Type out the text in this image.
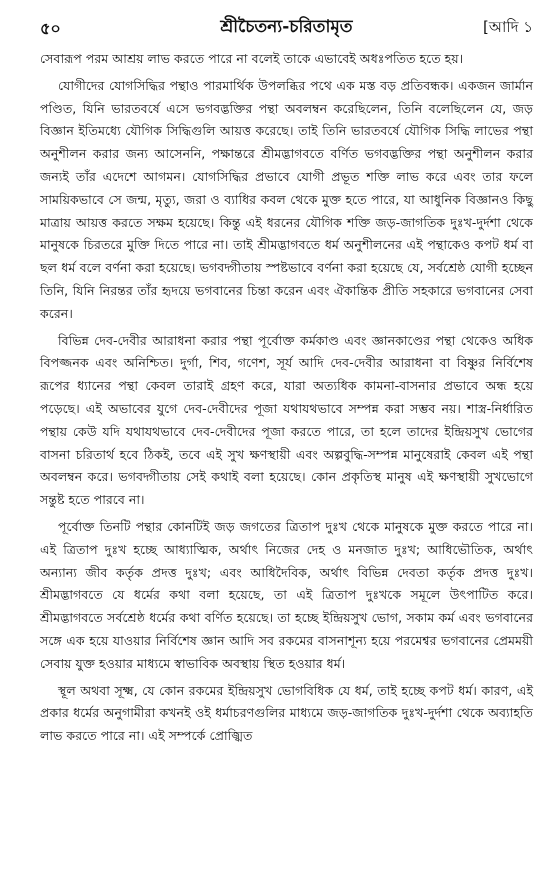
৫০	শ্রীচৈতন্য-চরিতামৃত	[আদি ১

সেবারূপ পরম আশ্রয় লাভ করতে পারে না বলেই তাকে এভাবেই অধঃপতিত হতে হয়।

যোগীদের যোগসিদ্ধির পন্থাও পারমার্থিক উপলব্ধির পথে এক মস্ত বড় প্রতিবন্ধক। একজন জার্মান পণ্ডিত, যিনি ভারতবর্ষে এসে ভগবদ্ভক্তির পন্থা অবলম্বন করেছিলেন, তিনি বলেছিলেন যে, জড় বিজ্ঞান ইতিমধ্যে যৌগিক সিদ্ধিগুলি আয়ত্ত করেছে। তাই তিনি ভারতবর্ষে যৌগিক সিদ্ধি লাভের পন্থা অনুশীলন করার জন্য আসেননি, পক্ষান্তরে শ্রীমদ্ভাগবতে বর্ণিত ভগবদ্ভক্তির পন্থা অনুশীলন করার জন্যই তাঁর এদেশে আগমন। যোগসিদ্ধির প্রভাবে যোগী প্রভূত শক্তি লাভ করে এবং তার ফলে সাময়িকভাবে সে জন্ম, মৃত্যু, জরা ও ব্যাধির কবল থেকে মুক্ত হতে পারে, যা আধুনিক বিজ্ঞানও কিছু মাত্রায় আয়ত্ত করতে সক্ষম হয়েছে। কিন্তু এই ধরনের যৌগিক শক্তি জড়-জাগতিক দুঃখ-দুর্দশা থেকে মানুষকে চিরতরে মুক্তি দিতে পারে না। তাই শ্রীমদ্ভাগবতে ধর্ম অনুশীলনের এই পন্থাকেও কপট ধর্ম বা ছল ধর্ম বলে বর্ণনা করা হয়েছে। ভগবদ্গীতায় স্পষ্টভাবে বর্ণনা করা হয়েছে যে, সর্বশ্রেষ্ঠ যোগী হচ্ছেন তিনি, যিনি নিরন্তর তাঁর হৃদয়ে ভগবানের চিন্তা করেন এবং ঐকান্তিক প্রীতি সহকারে ভগবানের সেবা করেন।

বিভিন্ন দেব-দেবীর আরাধনা করার পন্থা পূর্বোক্ত কর্মকাণ্ড এবং জ্ঞানকাণ্ডের পন্থা থেকেও অধিক বিপজ্জনক এবং অনিশ্চিত। দুর্গা, শিব, গণেশ, সূর্য আদি দেব-দেবীর আরাধনা বা বিষ্ণুর নির্বিশেষ রূপের ধ্যানের পন্থা কেবল তারাই গ্রহণ করে, যারা অত্যধিক কামনা-বাসনার প্রভাবে অন্ধ হয়ে পড়েছে। এই অভাবের যুগে দেব-দেবীদের পূজা যথাযথভাবে সম্পন্ন করা সম্ভব নয়। শাস্ত্র-নির্ধারিত পন্থায় কেউ যদি যথাযথভাবে দেব-দেবীদের পূজা করতে পারে, তা হলে তাদের ইন্দ্রিয়সুখ ভোগের বাসনা চরিতার্থ হবে ঠিকই, তবে এই সুখ ক্ষণস্থায়ী এবং অল্পবুদ্ধি-সম্পন্ন মানুষেরাই কেবল এই পন্থা অবলম্বন করে। ভগবদ্গীতায় সেই কথাই বলা হয়েছে। কোন প্রকৃতিস্থ মানুষ এই ক্ষণস্থায়ী সুখভোগে সন্তুষ্ট হতে পারবে না।

পূর্বোক্ত তিনটি পন্থার কোনটিই জড় জগতের ত্রিতাপ দুঃখ থেকে মানুষকে মুক্ত করতে পারে না। এই ত্রিতাপ দুঃখ হচ্ছে আধ্যাত্মিক, অর্থাৎ নিজের দেহ ও মনজাত দুঃখ; আধিভৌতিক, অর্থাৎ অন্যান্য জীব কর্তৃক প্রদত্ত দুঃখ; এবং আধিদৈবিক, অর্থাৎ বিভিন্ন দেবতা কর্তৃক প্রদত্ত দুঃখ। শ্রীমদ্ভাগবতে যে ধর্মের কথা বলা হয়েছে, তা এই ত্রিতাপ দুঃখকে সমূলে উৎপাটিত করে। শ্রীমদ্ভাগবতে সর্বশ্রেষ্ঠ ধর্মের কথা বর্ণিত হয়েছে। তা হচ্ছে ইন্দ্রিয়সুখ ভোগ, সকাম কর্ম এবং ভগবানের সঙ্গে এক হয়ে যাওয়ার নির্বিশেষ জ্ঞান আদি সব রকমের বাসনাশূন্য হয়ে পরমেশ্বর ভগবানের প্রেমময়ী সেবায় যুক্ত হওয়ার মাধ্যমে স্বাভাবিক অবস্থায় স্থিত হওয়ার ধর্ম।

স্থূল অথবা সূক্ষ্ম, যে কোন রকমের ইন্দ্রিয়সুখ ভোগবিধিক যে ধর্ম, তাই হচ্ছে কপট ধর্ম। কারণ, এই প্রকার ধর্মের অনুগামীরা কখনই ওই ধর্মাচরণগুলির মাধ্যমে জড়-জাগতিক দুঃখ-দুর্দশা থেকে অব্যাহতি লাভ করতে পারে না। এই সম্পর্কে প্রোজ্ঝিত
